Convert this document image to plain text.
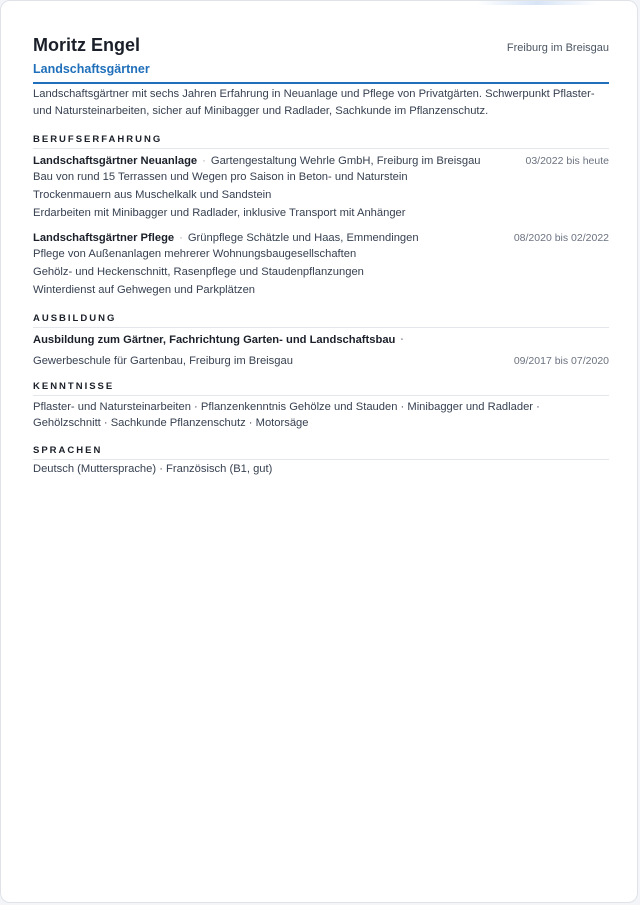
Moritz Engel	Freiburg im Breisgau
Landschaftsgärtner
Landschaftsgärtner mit sechs Jahren Erfahrung in Neuanlage und Pflege von Privatgärten. Schwerpunkt Pflaster- und Natursteinarbeiten, sicher auf Minibagger und Radlader, Sachkunde im Pflanzenschutz.
BERUFSERFAHRUNG
Landschaftsgärtner Neuanlage · Gartengestaltung Wehrle GmbH, Freiburg im Breisgau	03/2022 bis heute
Bau von rund 15 Terrassen und Wegen pro Saison in Beton- und Naturstein
Trockenmauern aus Muschelkalk und Sandstein
Erdarbeiten mit Minibagger und Radlader, inklusive Transport mit Anhänger
Landschaftsgärtner Pflege · Grünpflege Schätzle und Haas, Emmendingen	08/2020 bis 02/2022
Pflege von Außenanlagen mehrerer Wohnungsbaugesellschaften
Gehölz- und Heckenschnitt, Rasenpflege und Staudenpflanzungen
Winterdienst auf Gehwegen und Parkplätzen
AUSBILDUNG
Ausbildung zum Gärtner, Fachrichtung Garten- und Landschaftsbau ·
Gewerbeschule für Gartenbau, Freiburg im Breisgau	09/2017 bis 07/2020
KENNTNISSE
Pflaster- und Natursteinarbeiten · Pflanzenkenntnis Gehölze und Stauden · Minibagger und Radlader · Gehölzschnitt · Sachkunde Pflanzenschutz · Motorsäge
SPRACHEN
Deutsch (Muttersprache) · Französisch (B1, gut)
